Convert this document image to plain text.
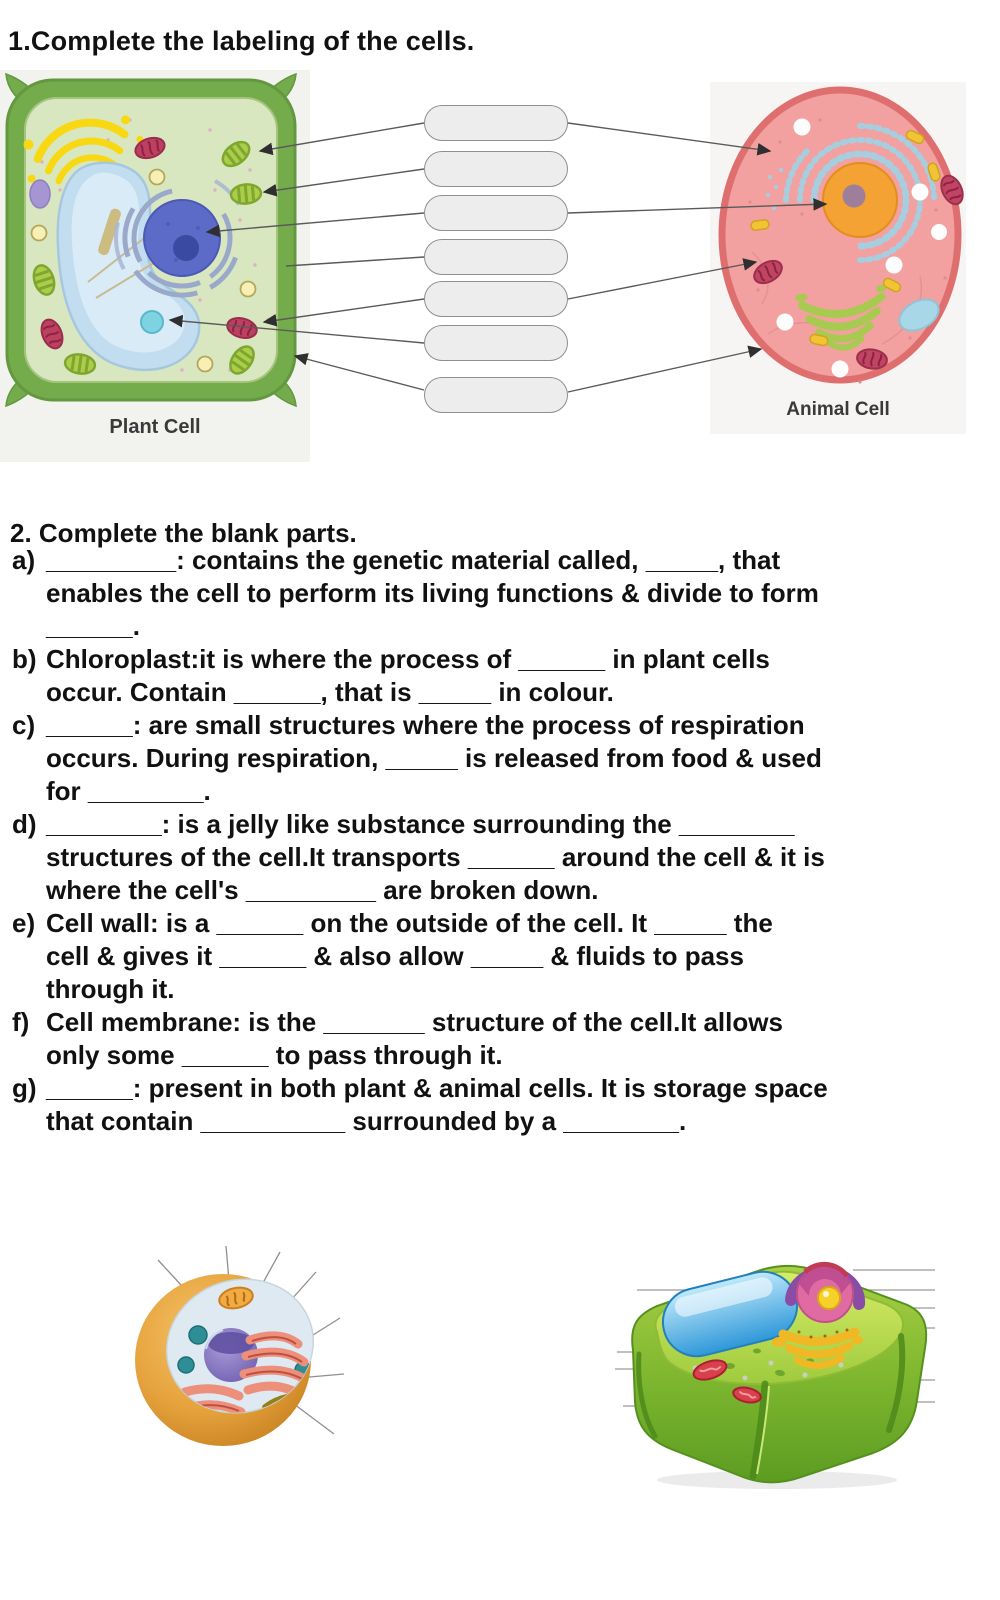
1.Complete the labeling of the cells.
Plant Cell
Animal Cell
2. Complete the blank parts.
a) _________: contains the genetic material called, _____, that
enables the cell to perform its living functions & divide to form
______.
b) Chloroplast:it is where the process of ______ in plant cells
occur. Contain ______, that is _____ in colour.
c) ______: are small structures where the process of respiration
occurs. During respiration, _____ is released from food & used
for ________.
d) ________: is a jelly like substance surrounding the ________
structures of the cell.It transports ______ around the cell & it is
where the cell's _________ are broken down.
e) Cell wall: is a ______ on the outside of the cell. It _____ the
cell & gives it ______ & also allow _____ & fluids to pass
through it.
f) Cell membrane: is the _______ structure of the cell.It allows
only some ______ to pass through it.
g) ______: present in both plant & animal cells. It is storage space
that contain __________ surrounded by a ________.
